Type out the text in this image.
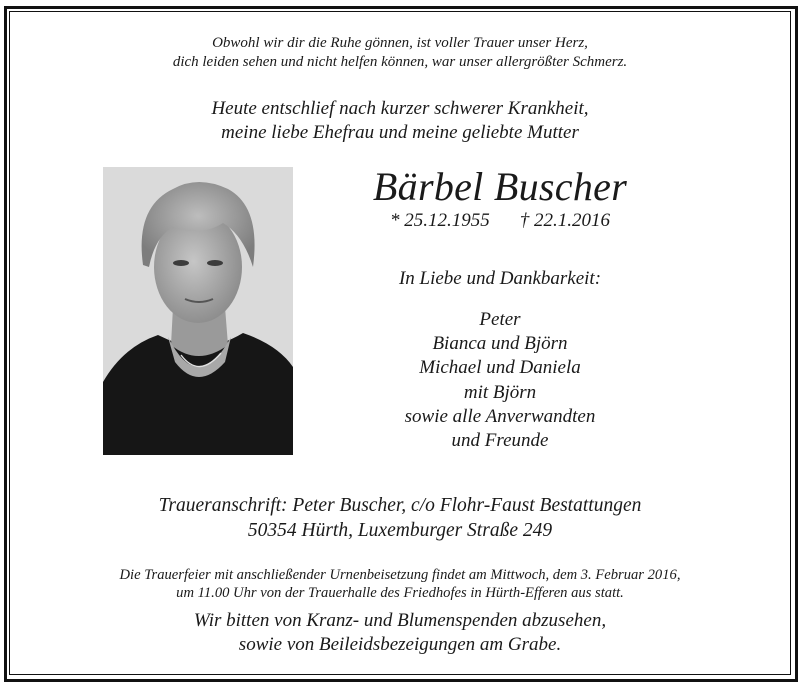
Obwohl wir dir die Ruhe gönnen, ist voller Trauer unser Herz,
dich leiden sehen und nicht helfen können, war unser allergrößter Schmerz.
Heute entschlief nach kurzer schwerer Krankheit,
meine liebe Ehefrau und meine geliebte Mutter
Bärbel Buscher
* 25.12.1955 † 22.1.2016
In Liebe und Dankbarkeit:
Peter
Bianca und Björn
Michael und Daniela
mit Björn
sowie alle Anverwandten
und Freunde
Traueranschrift: Peter Buscher, c/o Flohr-Faust Bestattungen
50354 Hürth, Luxemburger Straße 249
Die Trauerfeier mit anschließender Urnenbeisetzung findet am Mittwoch, dem 3. Februar 2016,
um 11.00 Uhr von der Trauerhalle des Friedhofes in Hürth-Efferen aus statt.
Wir bitten von Kranz- und Blumenspenden abzusehen,
sowie von Beileidsbezeigungen am Grabe.
